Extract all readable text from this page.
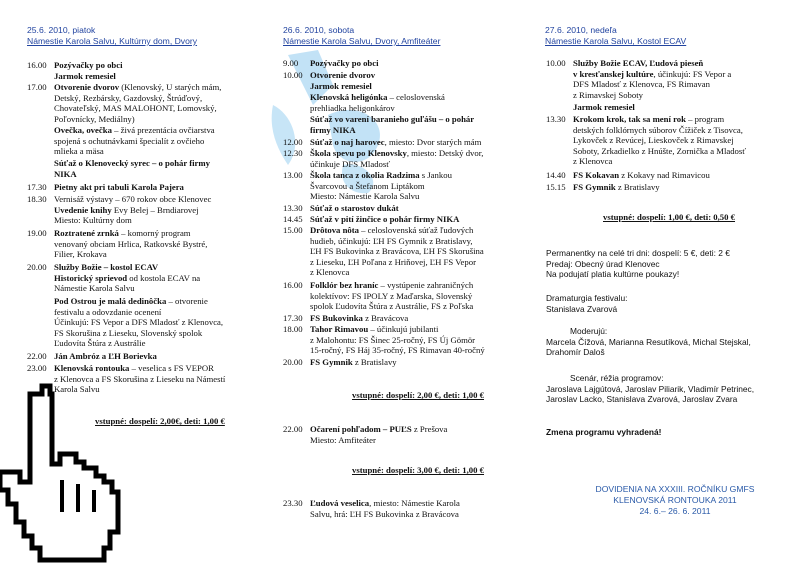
25.6. 2010, piatok
Námestie Karola Salvu, Kultúrny dom, Dvory
26.6. 2010, sobota
Námestie Karola Salvu, Dvory, Amfiteáter
27.6. 2010, nedeľa
Námestie Karola Salvu, Kostol ECAV
16.00 Pozývačky po obci
Jarmok remesiel
17.00 Otvorenie dvorov (Klenovský, U starých mám,
Detský, Rezbársky, Gazdovský, Štrúďový,
Chovateľský, MAS MALOHONT, Lomovský,
Poľovnícky, Mediálny)
Ovečka, ovečka – živá prezentácia ovčiarstva
spojená s ochutnávkami špecialít z ovčieho
mlieka a mäsa
Súťaž o Klenovecký syrec – o pohár firmy
NIKA
17.30 Pietny akt pri tabuli Karola Pajera
18.30 Vernisáž výstavy – 670 rokov obce Klenovec
Uvedenie knihy Evy Belej – Brndiarovej
Miesto: Kultúrny dom
19.00 Roztratené zrnká – komorný program
venovaný obciam Hrlica, Ratkovské Bystré,
Filier, Krokava
20.00 Služby Božie – kostol ECAV
Historický sprievod od kostola ECAV na
Námestie Karola Salvu
Pod Ostrou je malá dedinôčka – otvorenie
festivalu a odovzdanie ocenení
Účinkujú: FS Vepor a DFS Mladosť z Klenovca,
FS Skorušina z Lieseku, Slovenský spolok
Ľudovíta Štúra z Austrálie
22.00 Ján Ambróz a ĽH Borievka
23.00 Klenovská rontouka – veselica s FS VEPOR
z Klenovca a FS Skorušina z Lieseku na Námestí
Karola Salvu
vstupné: dospelí: 2,00€, deti: 1,00 €
9.00 Pozývačky po obci
10.00 Otvorenie dvorov
Jarmok remesiel
Klenovská heligónka – celoslovenská
prehliadka heligonkárov
Súťaž vo varení baranieho guľášu – o pohár
firmy NIKA
12.00 Súťaž o naj harovec, miesto: Dvor starých mám
12.30 Škola spevu po Klenovsky, miesto: Detský dvor,
účinkuje DFS Mladosť
13.00 Škola tanca z okolia Radzima s Jankou
Švarcovou a Štefanom Liptákom
Miesto: Námestie Karola Salvu
13.30 Súťaž o starostov dukát
14.45 Súťaž v pití žinčice o pohár firmy NIKA
15.00 Drôtova nôta – celoslovenská súťaž ľudových
hudieb, účinkujú: ĽH FS Gymnik z Bratislavy,
ĽH FS Bukovinka z Bravácova, ĽH FS Skorušina
z Lieseku, ĽH Poľana z Hriňovej, ĽH FS Vepor
z Klenovca
16.00 Folklór bez hraníc – vystúpenie zahraničných
kolektívov: FS IPOLY z Maďarska, Slovenský
spolok Ľudovíta Štúra z Austrálie, FS z Poľska
17.30 FS Bukovinka z Bravácova
18.00 Tahor Rimavou – účinkujú jubilanti
z Malohontu: FS Šinec 25-ročný, FS Új Gömör
15-ročný, FS Háj 35-ročný, FS Rimavan 40-ročný
20.00 FS Gymnik z Bratislavy
22.00 Očarení pohľadom – PUĽS z Prešova
Miesto: Amfiteáter
vstupné: dospelí: 2,00 €, deti: 1,00 €
vstupné: dospelí: 3,00 €, deti: 1,00 €
23.30 Ľudová veselica, miesto: Námestie Karola
Salvu, hrá: ĽH FS Bukovinka z Bravácova
10.00 Služby Božie ECAV, Ľudová pieseň
v kresťanskej kultúre, účinkujú: FS Vepor a
DFS Mladosť z Klenovca, FS Rimavan
z Rimavskej Soboty
Jarmok remesiel
13.30 Krokom krok, tak sa mení rok – program
detských folklórnych súborov Čížiček z Tisovca,
Lykovček z Revúcej, Lieskovček z Rimavskej
Soboty, Zrkadielko z Hnúšte, Zornička a Mladosť
z Klenovca
14.40 FS Kokavan z Kokavy nad Rimavicou
15.15 FS Gymnik z Bratislavy
vstupné: dospelí: 1,00 €, deti: 0,50 €
Permanentky na celé tri dni: dospelí: 5 €, deti: 2 €
Predaj: Obecný úrad Klenovec
Na podujatí platia kultúrne poukazy!
Dramaturgia festivalu:
Stanislava Zvarová
Moderujú:
Marcela Čížová, Marianna Resutíková, Michal Stejskal,
Drahomír Daloš
Scenár, réžia programov:
Jaroslava Lajgútová, Jaroslav Piliarik, Vladimír Petrinec,
Jaroslav Lacko, Stanislava Zvarová, Jaroslav Zvara
Zmena programu vyhradená!
DOVIDENIA NA XXXIII. ROČNÍKU GMFS
KLENOVSKÁ RONTOUKA 2011
24. 6.– 26. 6. 2011
